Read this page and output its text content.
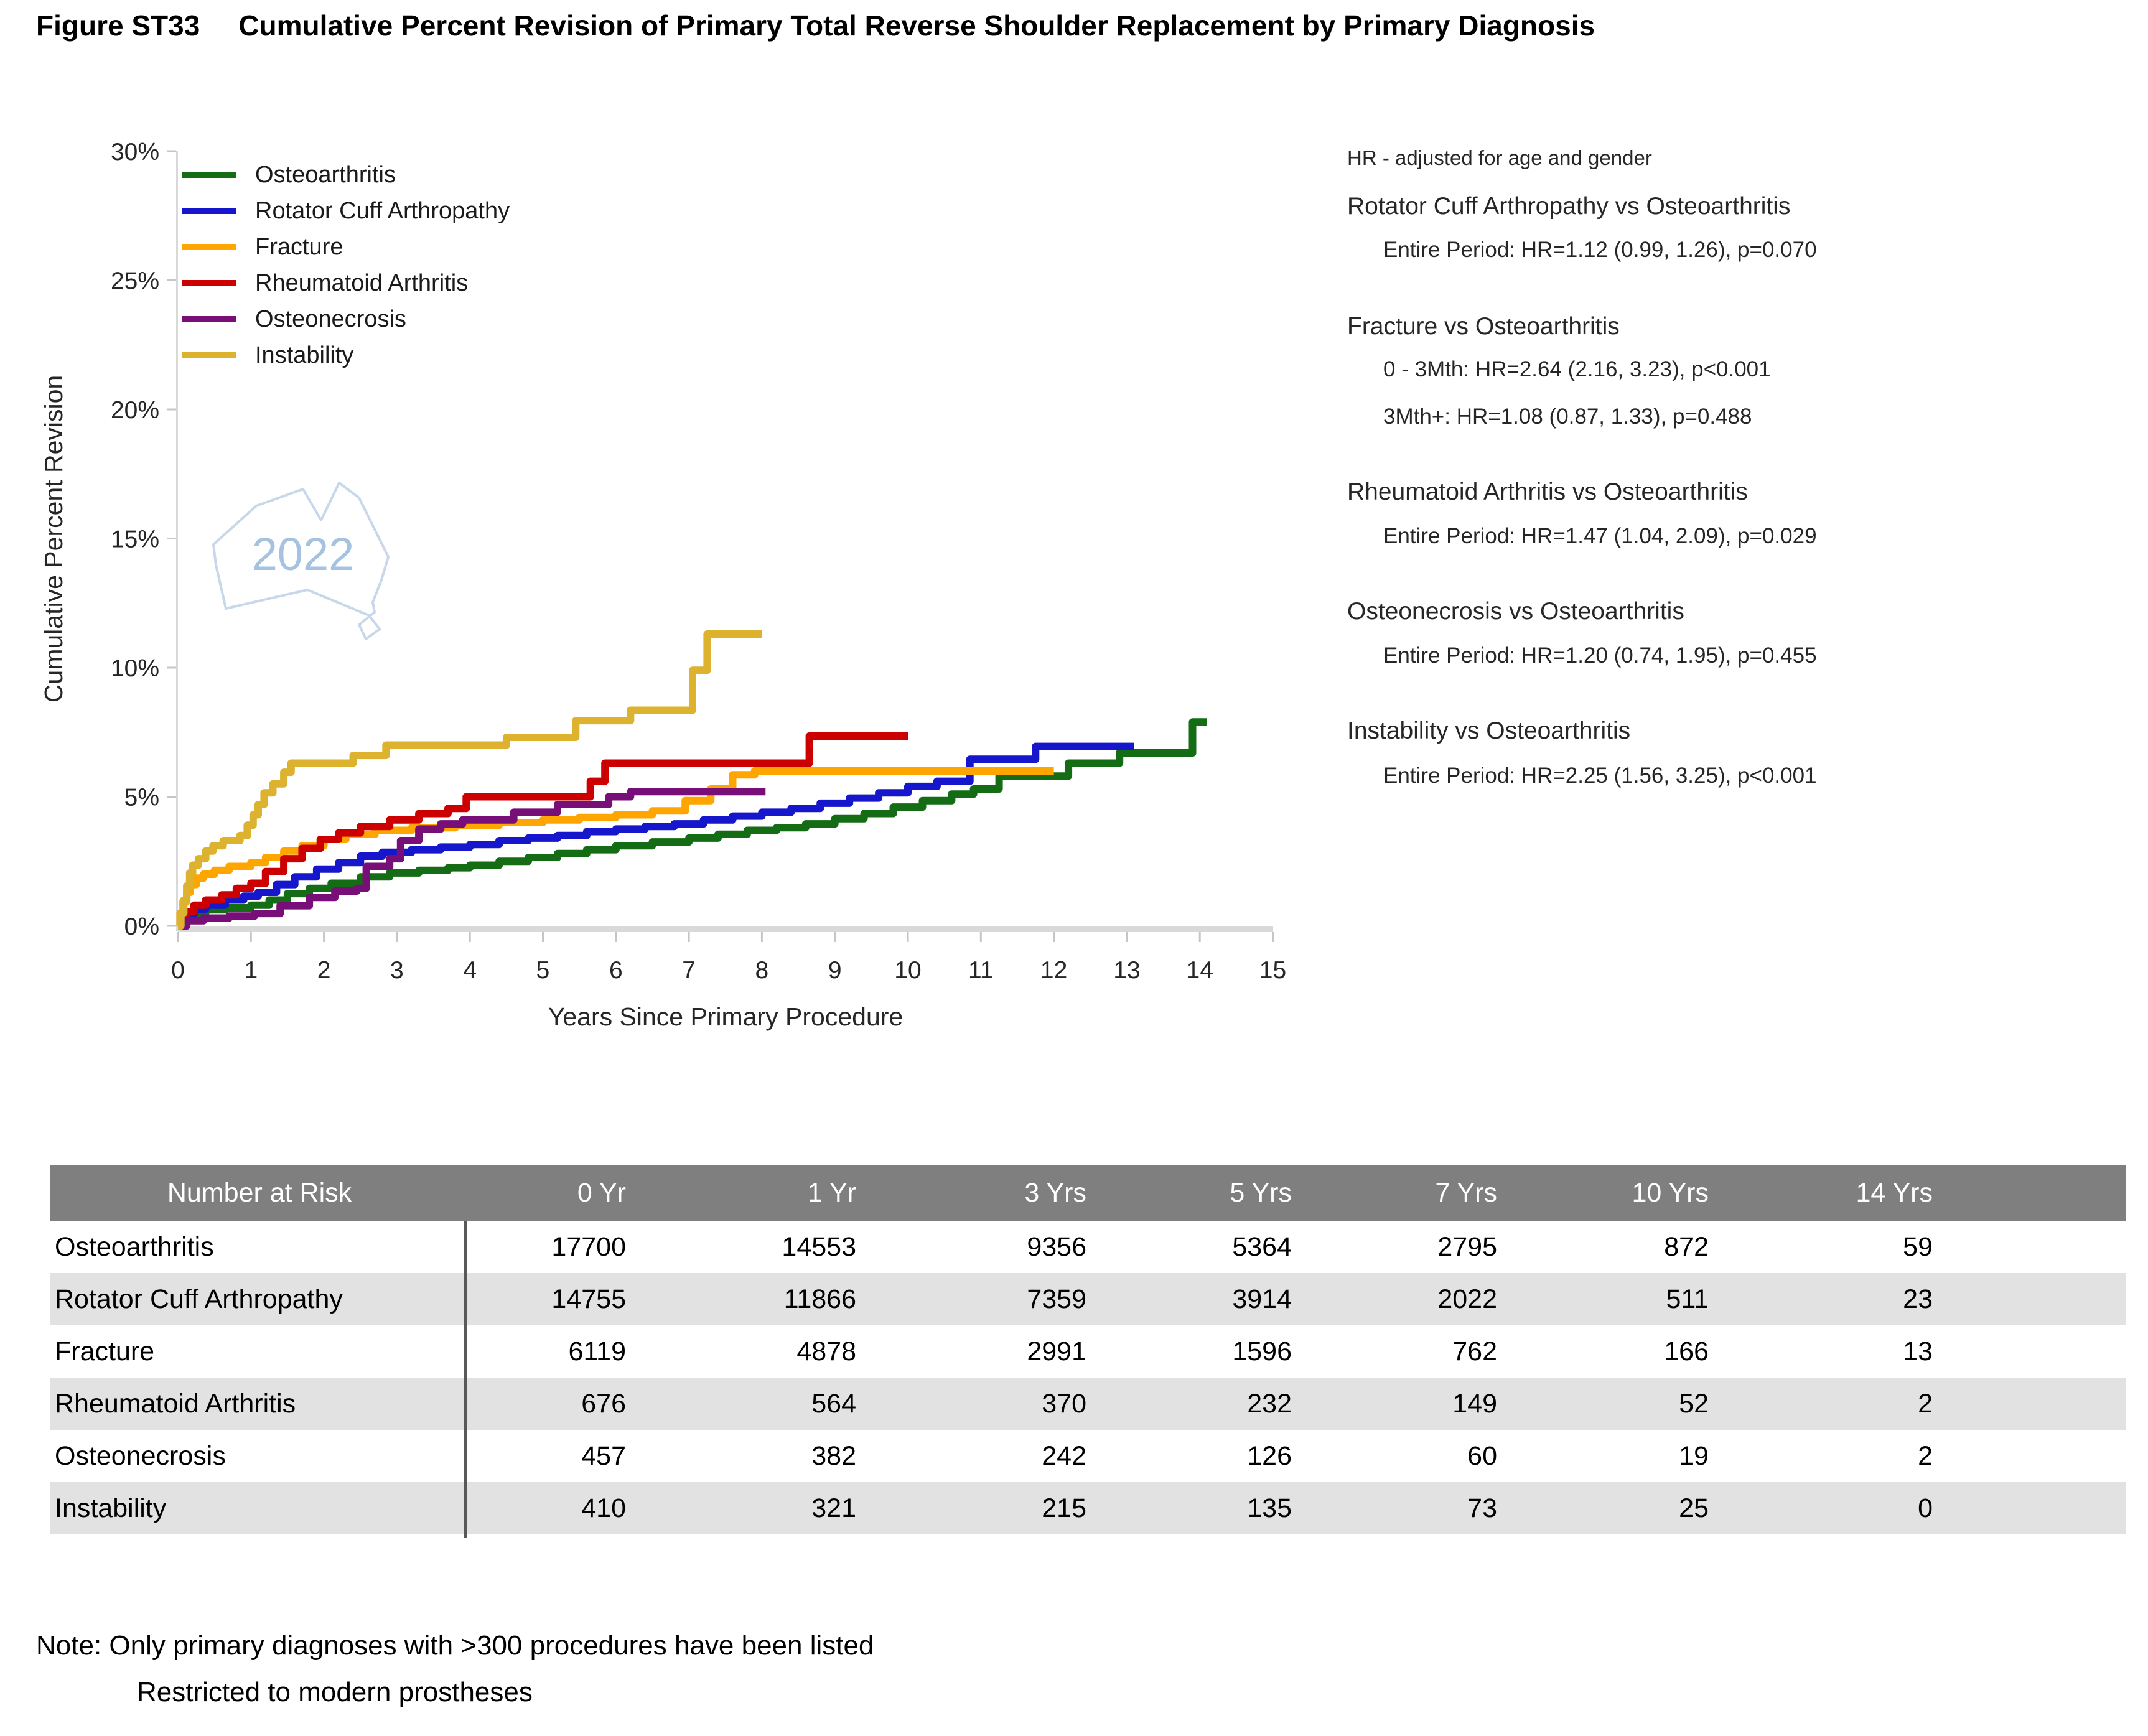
Figure ST33 Cumulative Percent Revision of Primary Total Reverse Shoulder Replacement by Primary Diagnosis
2022
0%
5%
10%
15%
20%
25%
30%
0 1 2 3 4 5 6 7 8 9 10 11 12 13 14 15
Years Since Primary Procedure
Cumulative Percent Revision
Osteoarthritis
Rotator Cuff Arthropathy
Fracture
Rheumatoid Arthritis
Osteonecrosis
Instability
HR - adjusted for age and gender
Rotator Cuff Arthropathy vs Osteoarthritis
Entire Period: HR=1.12 (0.99, 1.26), p=0.070
Fracture vs Osteoarthritis
0 - 3Mth: HR=2.64 (2.16, 3.23), p<0.001
3Mth+: HR=1.08 (0.87, 1.33), p=0.488
Rheumatoid Arthritis vs Osteoarthritis
Entire Period: HR=1.47 (1.04, 2.09), p=0.029
Osteonecrosis vs Osteoarthritis
Entire Period: HR=1.20 (0.74, 1.95), p=0.455
Instability vs Osteoarthritis
Entire Period: HR=2.25 (1.56, 3.25), p<0.001
Number at Risk	0 Yr	1 Yr	3 Yrs	5 Yrs	7 Yrs	10 Yrs	14 Yrs
Osteoarthritis	17700	14553	9356	5364	2795	872	59
Rotator Cuff Arthropathy	14755	11866	7359	3914	2022	511	23
Fracture	6119	4878	2991	1596	762	166	13
Rheumatoid Arthritis	676	564	370	232	149	52	2
Osteonecrosis	457	382	242	126	60	19	2
Instability	410	321	215	135	73	25	0
Note: Only primary diagnoses with >300 procedures have been listed
Restricted to modern prostheses
